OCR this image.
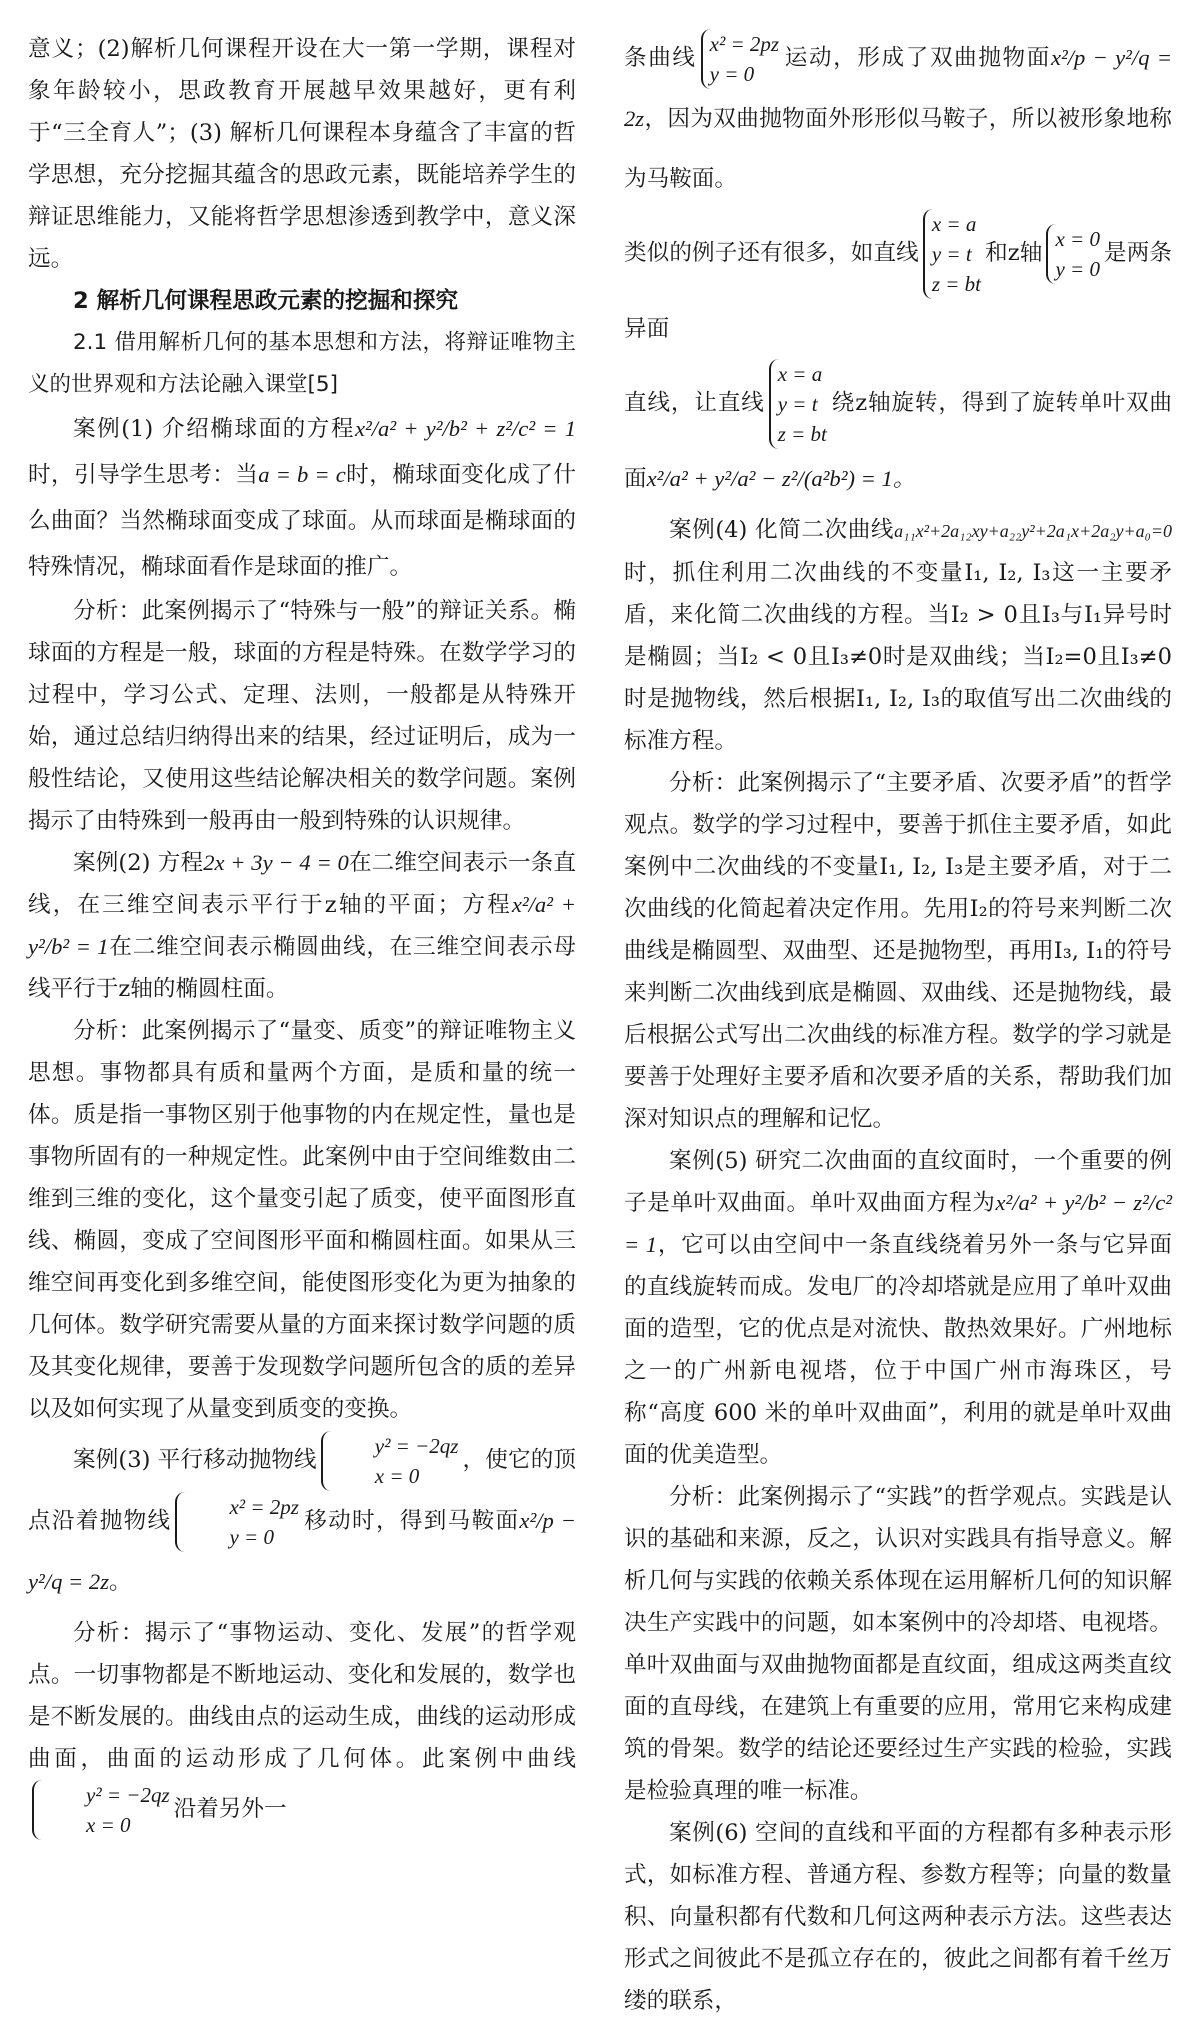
意义；(2)解析几何课程开设在大一第一学期，课程对象年龄较小，思政教育开展越早效果越好，更有利于“三全育人”；(3) 解析几何课程本身蕴含了丰富的哲学思想，充分挖掘其蕴含的思政元素，既能培养学生的辩证思维能力，又能将哲学思想渗透到教学中，意义深远。

2 解析几何课程思政元素的挖掘和探究

2.1 借用解析几何的基本思想和方法，将辩证唯物主义的世界观和方法论融入课堂[5]

案例(1) 介绍椭球面的方程x²/a² + y²/b² + z²/c² = 1时，引导学生思考：当a = b = c时，椭球面变化成了什么曲面？当然椭球面变成了球面。从而球面是椭球面的特殊情况，椭球面看作是球面的推广。

分析：此案例揭示了“特殊与一般”的辩证关系。椭球面的方程是一般，球面的方程是特殊。在数学学习的过程中，学习公式、定理、法则，一般都是从特殊开始，通过总结归纳得出来的结果，经过证明后，成为一般性结论，又使用这些结论解决相关的数学问题。案例揭示了由特殊到一般再由一般到特殊的认识规律。

案例(2) 方程2x + 3y − 4 = 0在二维空间表示一条直线，在三维空间表示平行于z轴的平面；方程x²/a² + y²/b² = 1在二维空间表示椭圆曲线，在三维空间表示母线平行于z轴的椭圆柱面。

分析：此案例揭示了“量变、质变”的辩证唯物主义思想。事物都具有质和量两个方面，是质和量的统一体。质是指一事物区别于他事物的内在规定性，量也是事物所固有的一种规定性。此案例中由于空间维数由二维到三维的变化，这个量变引起了质变，使平面图形直线、椭圆，变成了空间图形平面和椭圆柱面。如果从三维空间再变化到多维空间，能使图形变化为更为抽象的几何体。数学研究需要从量的方面来探讨数学问题的质及其变化规律，要善于发现数学问题所包含的质的差异以及如何实现了从量变到质变的变换。

案例(3) 平行移动抛物线
y² = −2qz
x = 0
，使它的顶点沿着抛物线
x² = 2pz
y = 0
移动时，得到马鞍面x²/p − y²/q = 2z。

分析：揭示了“事物运动、变化、发展”的哲学观点。一切事物都是不断地运动、变化和发展的，数学也是不断发展的。曲线由点的运动生成，曲线的运动形成曲面，曲面的运动形成了几何体。此案例中曲线
y² = −2qz
x = 0
沿着另外一

条曲线
x² = 2pz
y = 0
运动，形成了双曲抛物面x²/p − y²/q = 2z，因为双曲抛物面外形形似马鞍子，所以被形象地称为马鞍面。

类似的例子还有很多，如直线
x = a
y = t
z = bt
和z轴
x = 0
y = 0
是两条异面

直线，让直线
x = a
y = t
z = bt
绕z轴旋转，得到了旋转单叶双曲面x²/a² + y²/a² − z²/(a²b²) = 1。

案例(4) 化简二次曲线a₁₁x²+2a₁₂xy+a₂₂y²+2a₁x+2a₂y+a₀=0时，抓住利用二次曲线的不变量I₁, I₂, I₃这一主要矛盾，来化简二次曲线的方程。当I₂ > 0且I₃与I₁异号时是椭圆；当I₂ < 0且I₃≠0时是双曲线；当I₂=0且I₃≠0时是抛物线，然后根据I₁, I₂, I₃的取值写出二次曲线的标准方程。

分析：此案例揭示了“主要矛盾、次要矛盾”的哲学观点。数学的学习过程中，要善于抓住主要矛盾，如此案例中二次曲线的不变量I₁, I₂, I₃是主要矛盾，对于二次曲线的化简起着决定作用。先用I₂的符号来判断二次曲线是椭圆型、双曲型、还是抛物型，再用I₃, I₁的符号来判断二次曲线到底是椭圆、双曲线、还是抛物线，最后根据公式写出二次曲线的标准方程。数学的学习就是要善于处理好主要矛盾和次要矛盾的关系，帮助我们加深对知识点的理解和记忆。

案例(5) 研究二次曲面的直纹面时，一个重要的例子是单叶双曲面。单叶双曲面方程为x²/a² + y²/b² − z²/c² = 1，它可以由空间中一条直线绕着另外一条与它异面的直线旋转而成。发电厂的冷却塔就是应用了单叶双曲面的造型，它的优点是对流快、散热效果好。广州地标之一的广州新电视塔，位于中国广州市海珠区，号称“高度 600 米的单叶双曲面”，利用的就是单叶双曲面的优美造型。

分析：此案例揭示了“实践”的哲学观点。实践是认识的基础和来源，反之，认识对实践具有指导意义。解析几何与实践的依赖关系体现在运用解析几何的知识解决生产实践中的问题，如本案例中的冷却塔、电视塔。单叶双曲面与双曲抛物面都是直纹面，组成这两类直纹面的直母线，在建筑上有重要的应用，常用它来构成建筑的骨架。数学的结论还要经过生产实践的检验，实践是检验真理的唯一标准。

案例(6) 空间的直线和平面的方程都有多种表示形式，如标准方程、普通方程、参数方程等；向量的数量积、向量积都有代数和几何这两种表示方法。这些表达形式之间彼此不是孤立存在的，彼此之间都有着千丝万缕的联系，
